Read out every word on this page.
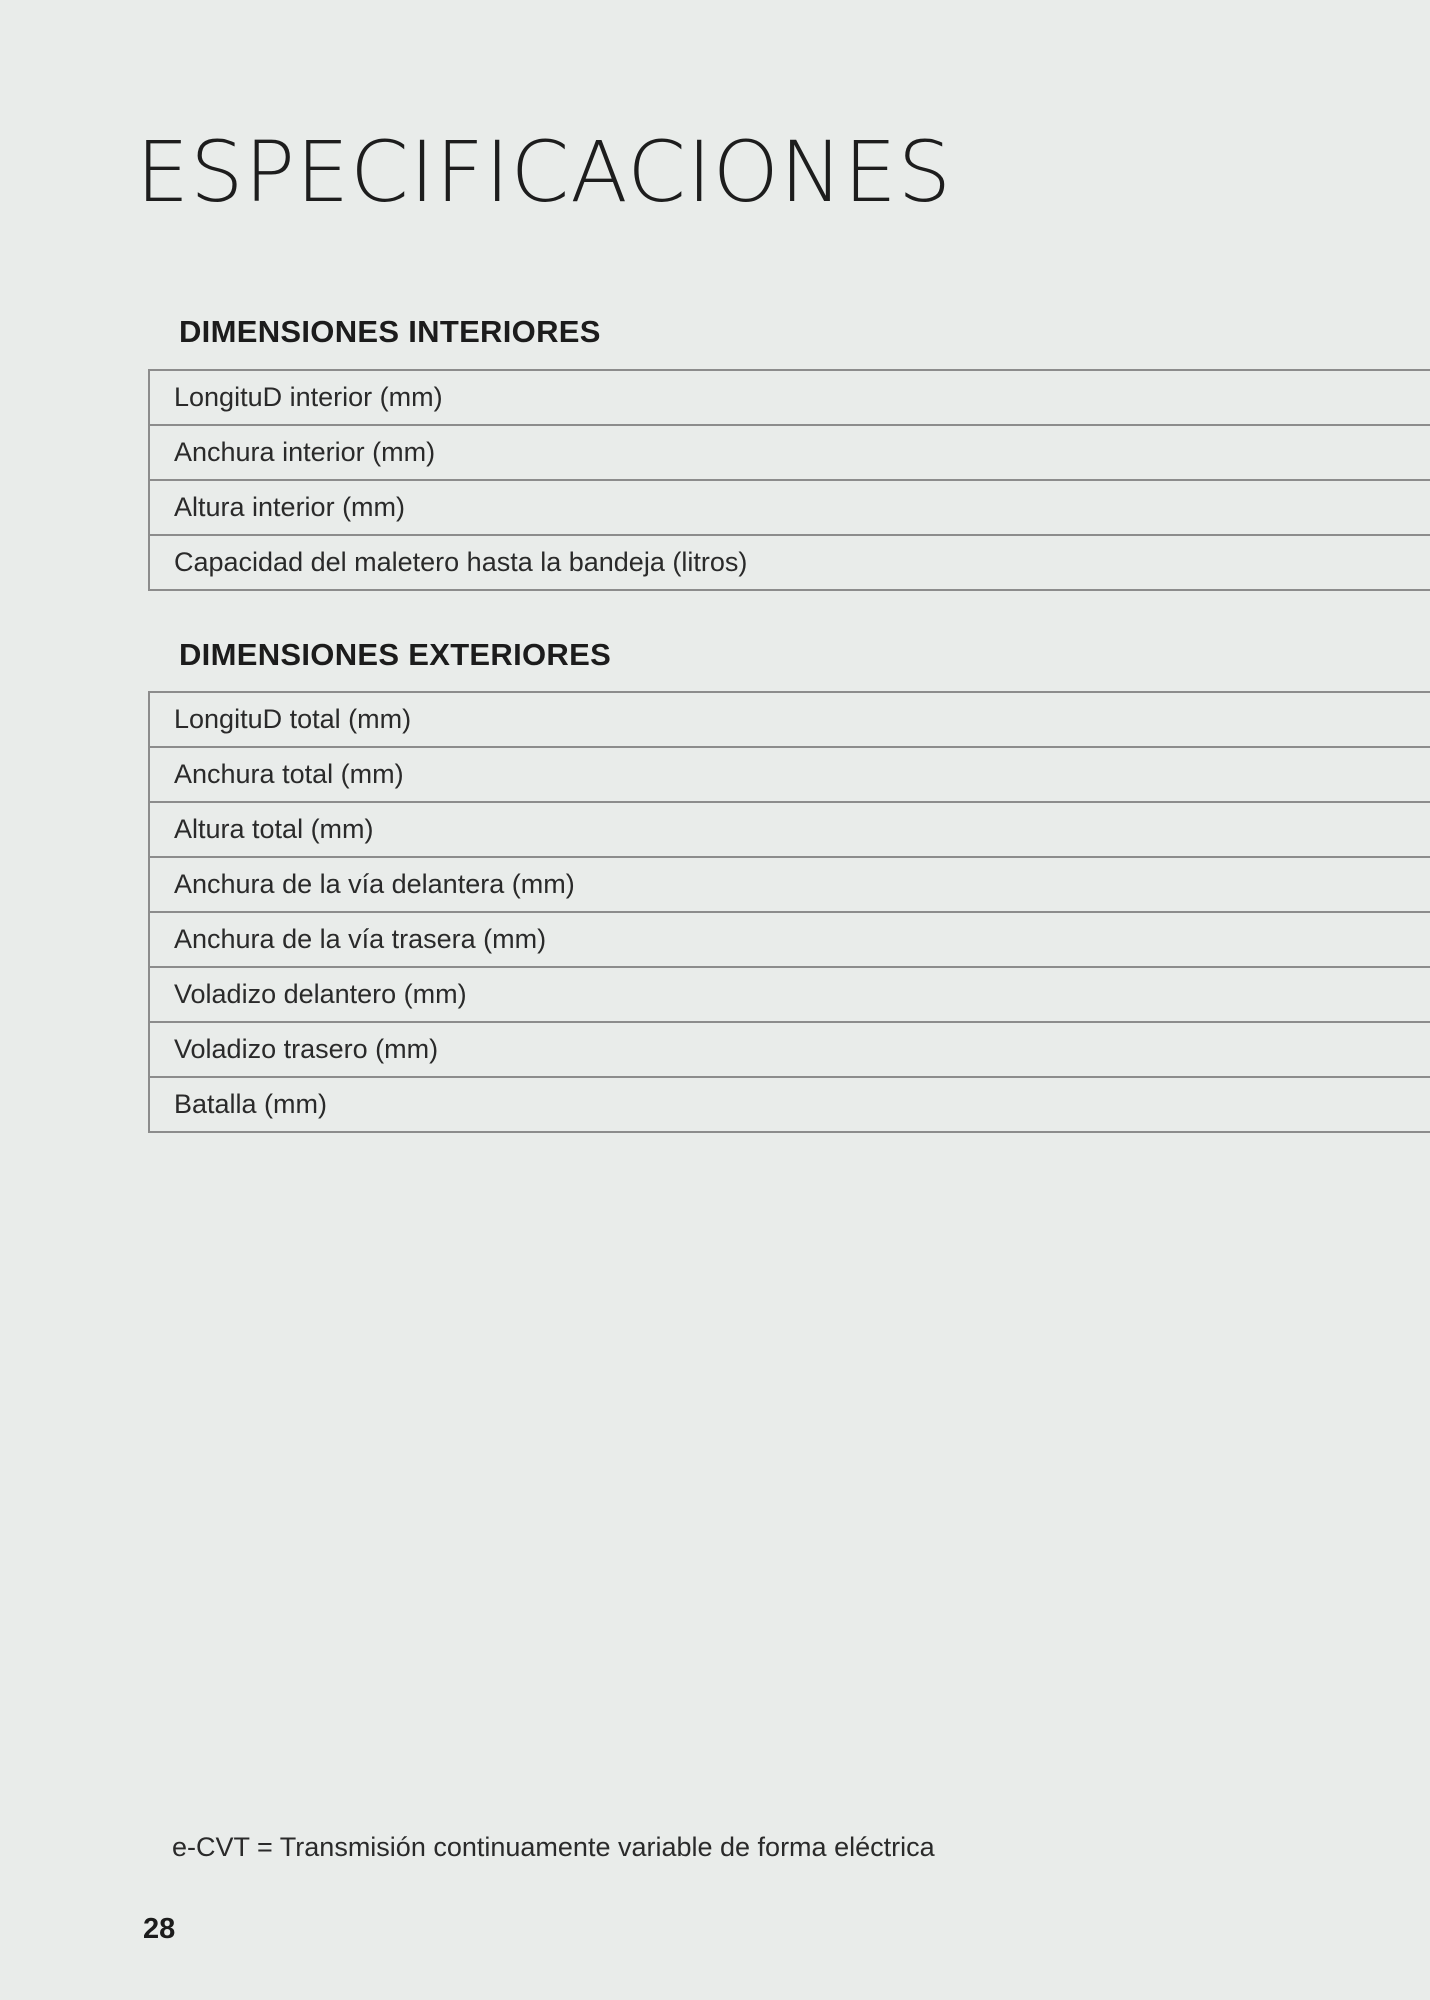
ESPECIFICACIONES
DIMENSIONES INTERIORES
LongituD interior (mm)
Anchura interior (mm)
Altura interior (mm)
Capacidad del maletero hasta la bandeja (litros)
DIMENSIONES EXTERIORES
LongituD total (mm)
Anchura total (mm)
Altura total (mm)
Anchura de la vía delantera (mm)
Anchura de la vía trasera (mm)
Voladizo delantero (mm)
Voladizo trasero (mm)
Batalla (mm)

e-CVT = Transmisión continuamente variable de forma eléctrica

28
